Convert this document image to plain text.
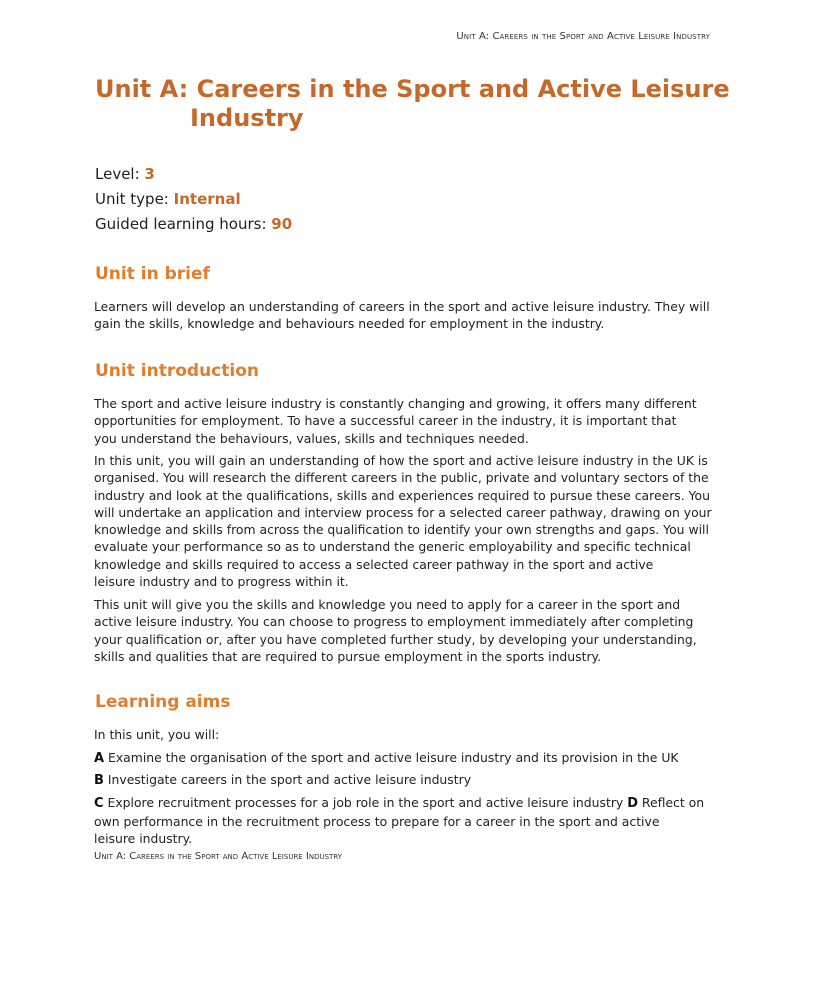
Unit A: Careers in the Sport and Active Leisure Industry
Unit A: Careers in the Sport and Active Leisure
Industry

Level: 3

Unit type: Internal

Guided learning hours: 90

Unit in brief

Learners will develop an understanding of careers in the sport and active leisure industry. They will
gain the skills, knowledge and behaviours needed for employment in the industry.

Unit introduction

The sport and active leisure industry is constantly changing and growing, it offers many different
opportunities for employment. To have a successful career in the industry, it is important that
you understand the behaviours, values, skills and techniques needed.

In this unit, you will gain an understanding of how the sport and active leisure industry in the UK is
organised. You will research the different careers in the public, private and voluntary sectors of the
industry and look at the qualifications, skills and experiences required to pursue these careers. You
will undertake an application and interview process for a selected career pathway, drawing on your
knowledge and skills from across the qualification to identify your own strengths and gaps. You will
evaluate your performance so as to understand the generic employability and specific technical
knowledge and skills required to access a selected career pathway in the sport and active
leisure industry and to progress within it.

This unit will give you the skills and knowledge you need to apply for a career in the sport and
active leisure industry. You can choose to progress to employment immediately after completing
your qualification or, after you have completed further study, by developing your understanding,
skills and qualities that are required to pursue employment in the sports industry.

Learning aims

In this unit, you will:

A Examine the organisation of the sport and active leisure industry and its provision in the UK

B Investigate careers in the sport and active leisure industry

C Explore recruitment processes for a job role in the sport and active leisure industry D Reflect on
own performance in the recruitment process to prepare for a career in the sport and active
leisure industry.

Unit A: Careers in the Sport and Active Leisure Industry
